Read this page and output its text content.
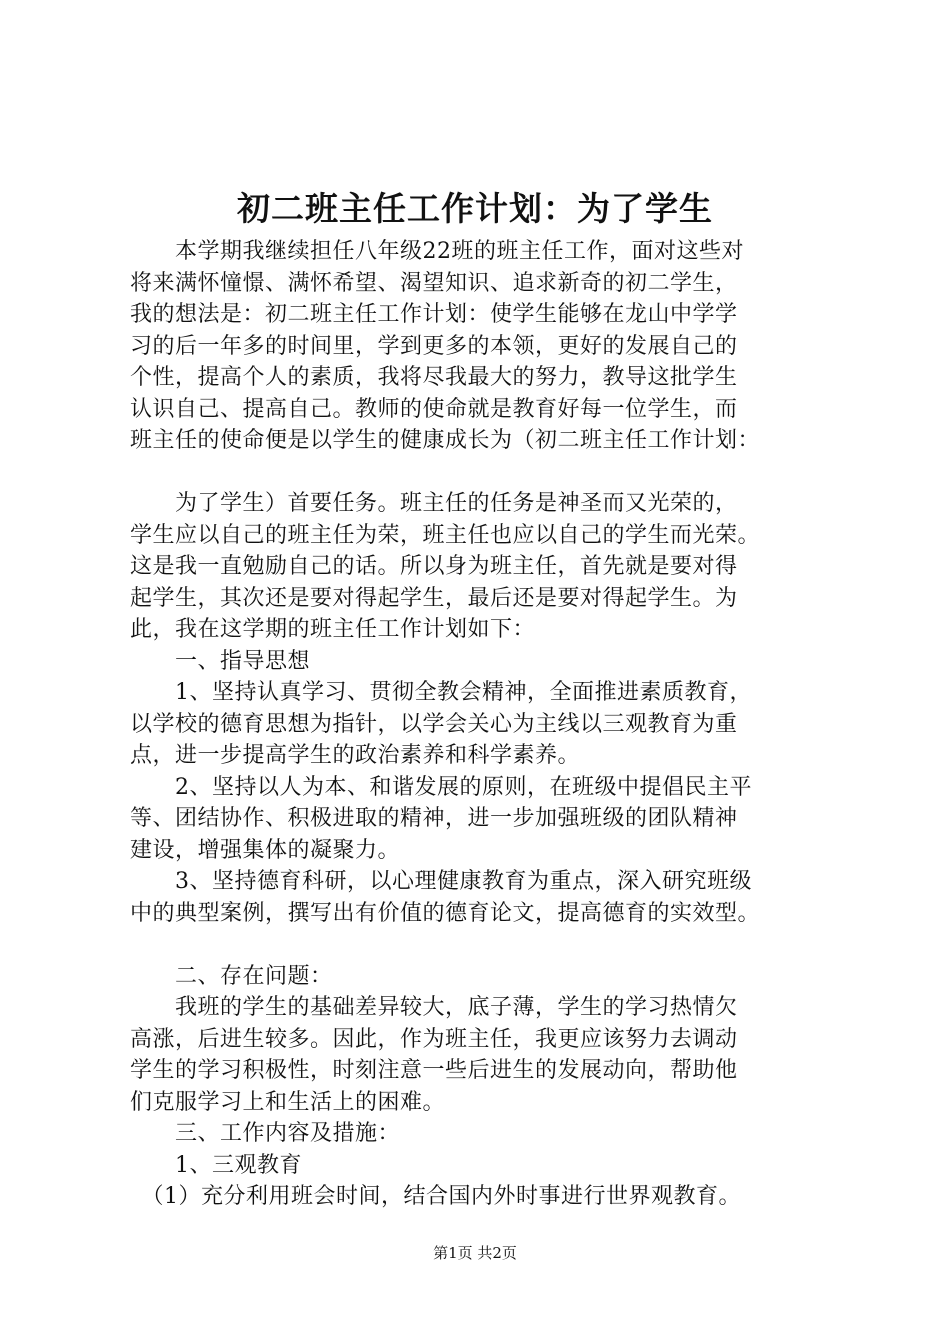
初二班主任工作计划：为了学生
　　本学期我继续担任八年级22班的班主任工作，面对这些对
将来满怀憧憬、满怀希望、渴望知识、追求新奇的初二学生，
我的想法是：初二班主任工作计划：使学生能够在龙山中学学
习的后一年多的时间里，学到更多的本领，更好的发展自己的
个性，提高个人的素质，我将尽我最大的努力，教导这批学生
认识自己、提高自己。教师的使命就是教育好每一位学生，而
班主任的使命便是以学生的健康成长为（初二班主任工作计划：
　　为了学生）首要任务。班主任的任务是神圣而又光荣的，
学生应以自己的班主任为荣，班主任也应以自己的学生而光荣。
这是我一直勉励自己的话。所以身为班主任，首先就是要对得
起学生，其次还是要对得起学生，最后还是要对得起学生。为
此，我在这学期的班主任工作计划如下：
　　一、指导思想
　　1、坚持认真学习、贯彻全教会精神，全面推进素质教育，
以学校的德育思想为指针，以学会关心为主线以三观教育为重
点，进一步提高学生的政治素养和科学素养。
　　2、坚持以人为本、和谐发展的原则，在班级中提倡民主平
等、团结协作、积极进取的精神，进一步加强班级的团队精神
建设，增强集体的凝聚力。
　　3、坚持德育科研，以心理健康教育为重点，深入研究班级
中的典型案例，撰写出有价值的德育论文，提高德育的实效型。
　　二、存在问题：
　　我班的学生的基础差异较大，底子薄，学生的学习热情欠
高涨，后进生较多。因此，作为班主任，我更应该努力去调动
学生的学习积极性，时刻注意一些后进生的发展动向，帮助他
们克服学习上和生活上的困难。
　　三、工作内容及措施：
　　1、三观教育
　（1）充分利用班会时间，结合国内外时事进行世界观教育。
第1页 共2页
